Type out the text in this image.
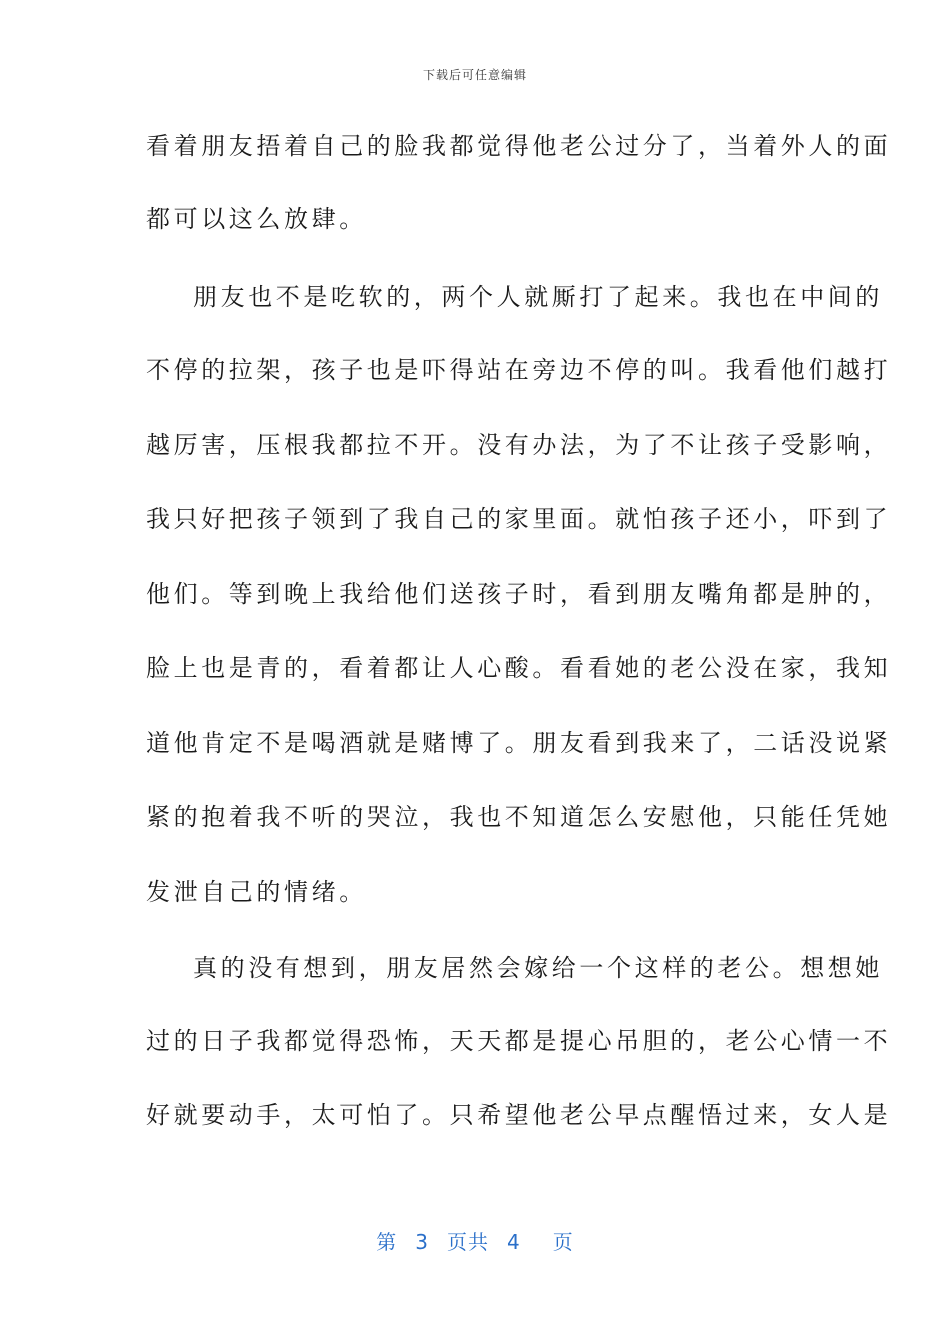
下载后可任意编辑
看着朋友捂着自己的脸我都觉得他老公过分了，当着外人的面
都可以这么放肆。
朋友也不是吃软的，两个人就厮打了起来。我也在中间的
不停的拉架，孩子也是吓得站在旁边不停的叫。我看他们越打
越厉害，压根我都拉不开。没有办法，为了不让孩子受影响，
我只好把孩子领到了我自己的家里面。就怕孩子还小，吓到了
他们。等到晚上我给他们送孩子时，看到朋友嘴角都是肿的，
脸上也是青的，看着都让人心酸。看看她的老公没在家，我知
道他肯定不是喝酒就是赌博了。朋友看到我来了，二话没说紧
紧的抱着我不听的哭泣，我也不知道怎么安慰他，只能任凭她
发泄自己的情绪。
真的没有想到，朋友居然会嫁给一个这样的老公。想想她
过的日子我都觉得恐怖，天天都是提心吊胆的，老公心情一不
好就要动手，太可怕了。只希望他老公早点醒悟过来，女人是
第 3 页共 4 页
